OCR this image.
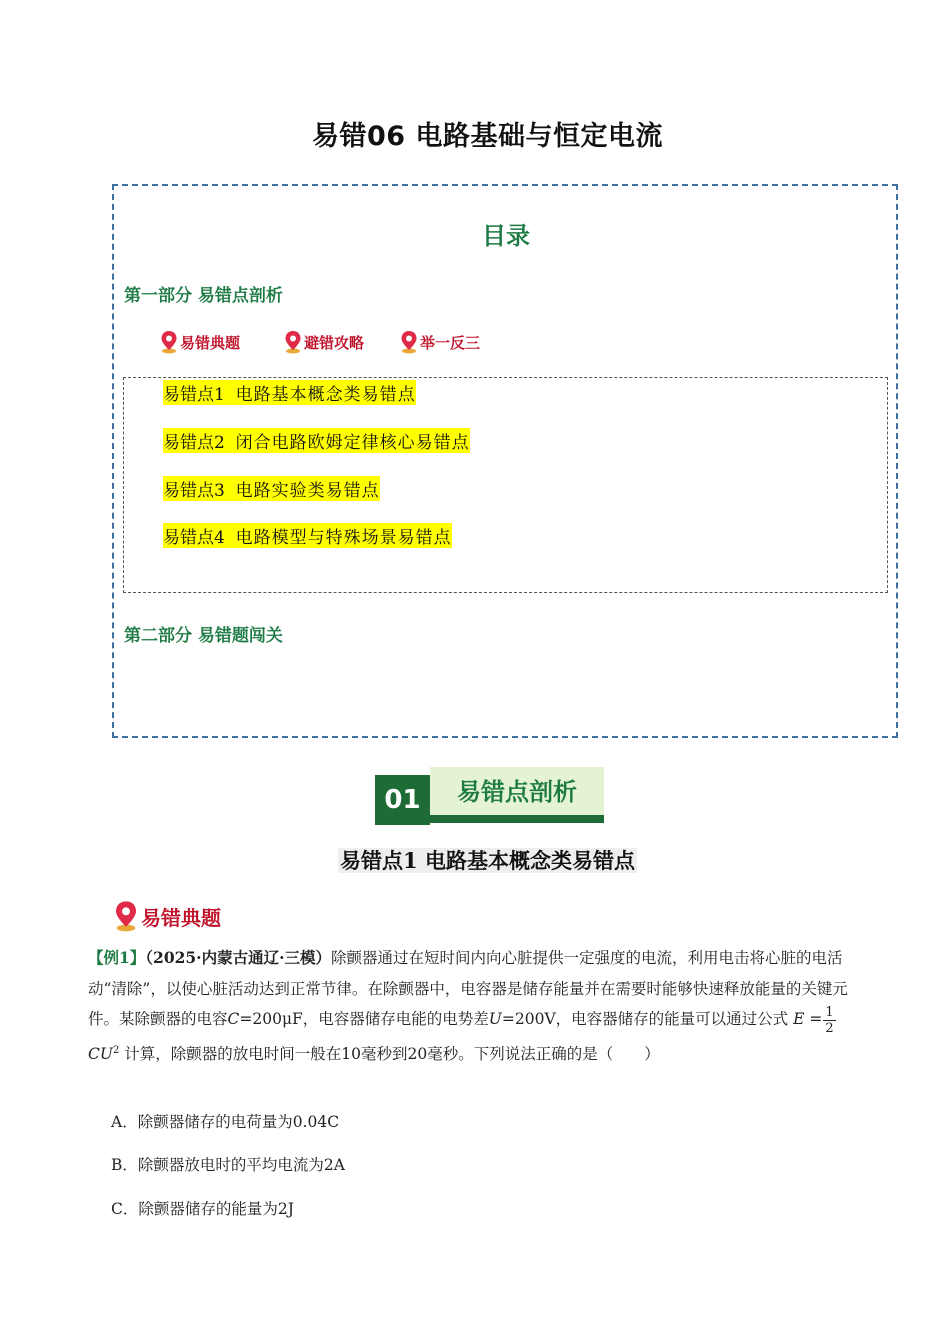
易错06 电路基础与恒定电流
目录
第一部分 易错点剖析
易错典题	避错攻略	举一反三
易错点1 电路基本概念类易错点
易错点2 闭合电路欧姆定律核心易错点
易错点3 电路实验类易错点
易错点4 电路模型与特殊场景易错点
第二部分 易错题闯关
易错点剖析
01
易错点1 电路基本概念类易错点
易错典题
【例1】（2025·内蒙古通辽·三模）除颤器通过在短时间内向心脏提供一定强度的电流，利用电击将心脏的电活动“清除”，以使心脏活动达到正常节律。在除颤器中，电容器是储存能量并在需要时能够快速释放能量的关键元件。某除颤器的电容C=200μF，电容器储存电能的电势差U=200V，电容器储存的能量可以通过公式 $E = \frac{1}{2}$
$CU^2$ 计算，除颤器的放电时间一般在10毫秒到20毫秒。下列说法正确的是（　　）
A．除颤器储存的电荷量为0.04C
B．除颤器放电时的平均电流为2A
C．除颤器储存的能量为2J
